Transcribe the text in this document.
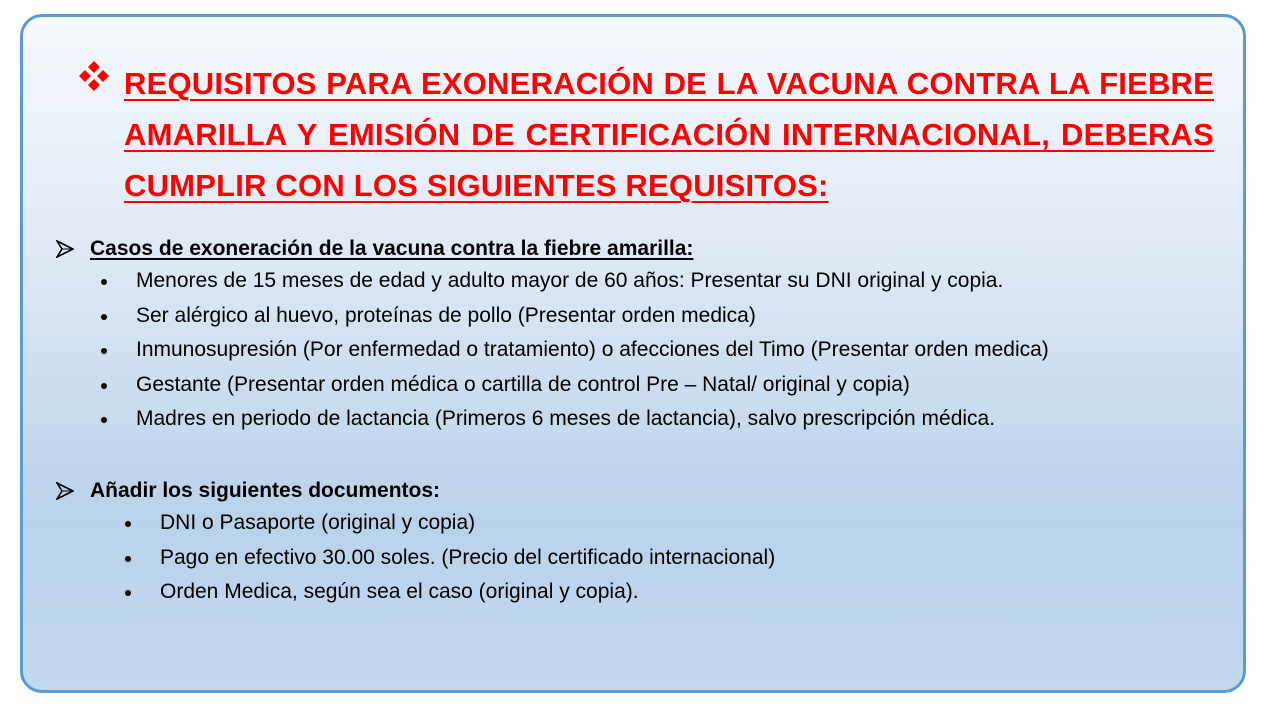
REQUISITOS PARA EXONERACIÓN DE LA VACUNA CONTRA LA FIEBRE AMARILLA Y EMISIÓN DE CERTIFICACIÓN INTERNACIONAL, DEBERAS CUMPLIR CON LOS SIGUIENTES REQUISITOS:

Casos de exoneración de la vacuna contra la fiebre amarilla:
Menores de 15 meses de edad y adulto mayor de 60 años: Presentar su DNI original y copia.
Ser alérgico al huevo, proteínas de pollo (Presentar orden medica)
Inmunosupresión (Por enfermedad o tratamiento) o afecciones del Timo (Presentar orden medica)
Gestante (Presentar orden médica o cartilla de control Pre – Natal/ original y copia)
Madres en periodo de lactancia (Primeros 6 meses de lactancia), salvo prescripción médica.
Añadir los siguientes documentos:
DNI o Pasaporte (original y copia)
Pago en efectivo 30.00 soles. (Precio del certificado internacional)
Orden Medica, según sea el caso (original y copia).
